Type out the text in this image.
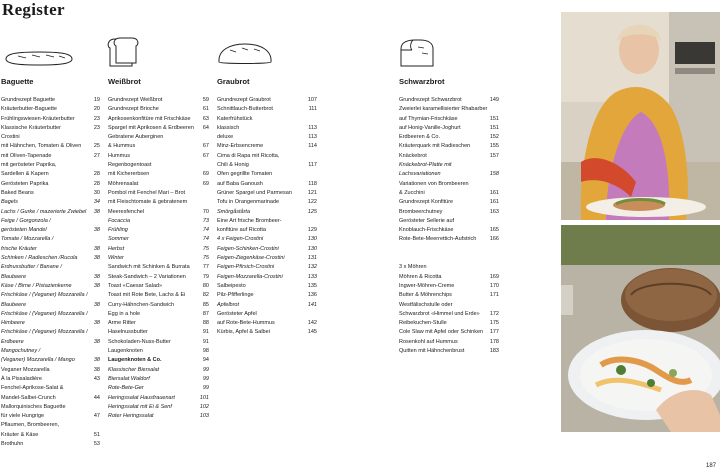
Register
Baguette
Grundrezept Baguette	19
Kräuterbutter-Baguette	20
Frühlingswiesen-Kräuterbutter	23
Klassische Kräuterbutter	23
Crostini
mit Hähnchen, Tomaten & Oliven 25
mit Oliven-Tapenade	27
mit gerösteter Paprika,
Sardellen & Kapern	28
Gerösteten Paprika	28
Baked Beans	30
Bagels	34
Lachs / Gurke / mazerierte Zwiebel 38
Feige / Gorgonzola /
gerösteten Mandel	38
Tomate / Mozzarella /
frische Kräuter	38
Schinken / Radieschen /Rucola	38
Erdnussbutter / Banane /
Blaubeere	38
Käse / Birne / Pistazienkerne	38
Frischkäse / (Veganer) Mozzarella /
Blaubeere	38
Frischkäse / (Veganer) Mozzarella /
Himbeere	38
Frischkäse / (Veganer) Mozzarella /
Erdbeere	38
Mangochutney /
(Veganer) Mozzarella / Mango	38
Veganer Mozzarella	38
À la Pissaladière	43
Fenchel-Aprikose-Salat &
Mandel-Salbei-Crunch	44
Mallorquinisches Baguette
für viele Hungrige	47
Pflaumen, Brombeeren,
Kräuter & Käse	51
Brothuhn	53
Weißbrot
Grundrezept Weißbrot	59
Grundrezept Brioche	61
Aprikosenkonfitüre mit Frischkäse 63
Spargel mit Aprikosen & Erdbeeren 64
Gebratene Auberginen
& Hummus	67
Hummus	67
Regenbogentoast
mit Kichererbsen	69
Möhrensalat	69
Pombol mit Fenchel Mari – Brot
mit Fleischtomate & gebratenem
Meeresfenchel	70
Focaccia	73
Frühling	74
Sommer	74
Herbst	75
Winter	75
Sandwich mit Schinken & Burrata 77
Steak-Sandwich – 2 Variationen	79
Toast «Caesar Salad»	80
Toast mit Rote Bete, Lachs & Ei	82
Curry-Hähnchen-Sandwich	85
Egg in a hole	87
Arme Ritter	88
Haselnussbutter	91
Schokoladen-Nuss-Butter	91
Laugenknoten	98
Laugenknoten & Co.	94
Klassischer Biersalat	99
Biersalat Waldorf	99
Rote-Bete-Ger	99
Heringssalat Hausfrauenart	101
Heringssalat mit Ei & Senf	102
Roter Heringssalat	103
Graubrot
Grundrezept Graubrot	107
Schnittlauch-Butterbrot	111
Katerfrühstück
klassisch	113
deluxe	113
Minz-Erbsencreme	114
Cima di Rapa mit Ricotta,
Chili & Honig	117
Ofen gegrillte Tomaten
auf Baba Ganoush	118
Grüner Spargel und Parmesan	121
Tofu in Orangenmarinade	122
Smörgåstårta	125
Eine Art frische Brombeer-
konfitüre auf Ricotta	129
4 x Feigen-Crostini	130
Feigen-Schinken-Crostini	130
Feigen-Ziegenkäse-Crostini	131
Feigen-Pfirsich-Crostini	132
Feigen-Mozzarella-Crostini	133
Salbeipesto	135
Pilz-Pfifferlinge	136
Apfelbrot	141
Gerösteter Apfel
auf Rote-Bete-Hummus	142
Kürbis, Apfel & Salbei	145
Schwarzbrot
Grundrezept Schwarzbrot	149
Zweierlei karamellisierter Rhabarber
auf Thymian-Frischkäse	151
auf Honig-Vanille-Joghurt	151
Erdbeeren & Co.	152
Kräuterquark mit Radieschen	155
Knäckebrot	157
Knäckebrot-Platte mit
Lachsvariationen	158
Variationen von Brombeeren
& Zucchini	161
Grundrezept Konfitüre	161
Brombeerchutney	163
Gerösteter Sellerie auf
Knoblauch-Frischkäse	165
Rote-Bete-Meerrettich-Aufstrich 166
3 x Möhren
Möhren & Ricotta	169
Ingwer-Möhren-Creme	170
Butter & Möhrenchips	171
Westfälischstulle oder
Schwarzbrot «Himmel und Erde» 172
Reibekuchen-Stulle	175
Cole Slaw mit Apfel oder Schinken 177
Rosenkohl auf Hummus	178
Quitten mit Hähnchenbrust	183
187
